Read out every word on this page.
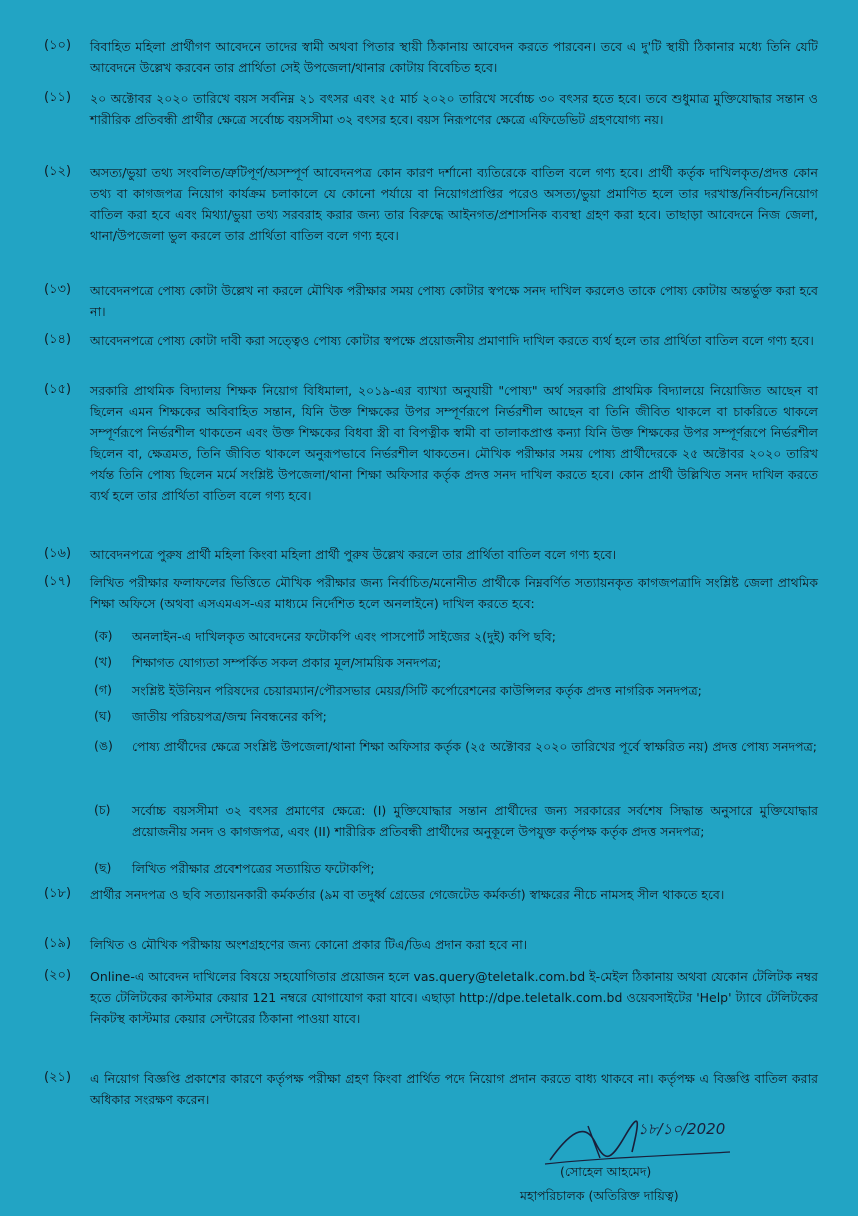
(১০) বিবাহিত মহিলা প্রার্থীগণ আবেদনে তাদের স্বামী অথবা পিতার স্থায়ী ঠিকানায় আবেদন করতে পারবেন। তবে এ দু'টি স্থায়ী ঠিকানার মধ্যে তিনি যেটি আবেদনে উল্লেখ করবেন তার প্রার্থিতা সেই উপজেলা/থানার কোটায় বিবেচিত হবে।
(১১) ২০ অক্টোবর ২০২০ তারিখে বয়স সর্বনিম্ন ২১ বৎসর এবং ২৫ মার্চ ২০২০ তারিখে সর্বোচ্চ ৩০ বৎসর হতে হবে। তবে শুধুমাত্র মুক্তিযোদ্ধার সন্তান ও শারীরিক প্রতিবন্ধী প্রার্থীর ক্ষেত্রে সর্বোচ্চ বয়সসীমা ৩২ বৎসর হবে। বয়স নিরূপণের ক্ষেত্রে এফিডেভিট গ্রহণযোগ্য নয়।
(১২) অসত্য/ভুয়া তথ্য সংবলিত/ত্রুটিপূর্ণ/অসম্পূর্ণ আবেদনপত্র কোন কারণ দর্শানো ব্যতিরেকে বাতিল বলে গণ্য হবে। প্রার্থী কর্তৃক দাখিলকৃত/প্রদত্ত কোন তথ্য বা কাগজপত্র নিয়োগ কার্যক্রম চলাকালে যে কোনো পর্যায়ে বা নিয়োগপ্রাপ্তির পরেও অসত্য/ভুয়া প্রমাণিত হলে তার দরখাস্ত/নির্বাচন/নিয়োগ বাতিল করা হবে এবং মিথ্যা/ভুয়া তথ্য সরবরাহ করার জন্য তার বিরুদ্ধে আইনগত/প্রশাসনিক ব্যবস্থা গ্রহণ করা হবে। তাছাড়া আবেদনে নিজ জেলা, থানা/উপজেলা ভুল করলে তার প্রার্থিতা বাতিল বলে গণ্য হবে।
(১৩) আবেদনপত্রে পোষ্য কোটা উল্লেখ না করলে মৌখিক পরীক্ষার সময় পোষ্য কোটার স্বপক্ষে সনদ দাখিল করলেও তাকে পোষ্য কোটায় অন্তর্ভুক্ত করা হবে না।
(১৪) আবেদনপত্রে পোষ্য কোটা দাবী করা সত্ত্বেও পোষ্য কোটার স্বপক্ষে প্রয়োজনীয় প্রমাণাদি দাখিল করতে ব্যর্থ হলে তার প্রার্থিতা বাতিল বলে গণ্য হবে।
(১৫) সরকারি প্রাথমিক বিদ্যালয় শিক্ষক নিয়োগ বিধিমালা, ২০১৯-এর ব্যাখ্যা অনুযায়ী "পোষ্য" অর্থ সরকারি প্রাথমিক বিদ্যালয়ে নিয়োজিত আছেন বা ছিলেন এমন শিক্ষকের অবিবাহিত সন্তান, যিনি উক্ত শিক্ষকের উপর সম্পূর্ণরূপে নির্ভরশীল আছেন বা তিনি জীবিত থাকলে বা চাকরিতে থাকলে সম্পূর্ণরূপে নির্ভরশীল থাকতেন এবং উক্ত শিক্ষকের বিধবা স্ত্রী বা বিপত্নীক স্বামী বা তালাকপ্রাপ্ত কন্যা যিনি উক্ত শিক্ষকের উপর সম্পূর্ণরূপে নির্ভরশীল ছিলেন বা, ক্ষেত্রমত, তিনি জীবিত থাকলে অনুরূপভাবে নির্ভরশীল থাকতেন। মৌখিক পরীক্ষার সময় পোষ্য প্রার্থীদেরকে ২৫ অক্টোবর ২০২০ তারিখ পর্যন্ত তিনি পোষ্য ছিলেন মর্মে সংশ্লিষ্ট উপজেলা/থানা শিক্ষা অফিসার কর্তৃক প্রদত্ত সনদ দাখিল করতে হবে। কোন প্রার্থী উল্লিখিত সনদ দাখিল করতে ব্যর্থ হলে তার প্রার্থিতা বাতিল বলে গণ্য হবে।
(১৬) আবেদনপত্রে পুরুষ প্রার্থী মহিলা কিংবা মহিলা প্রার্থী পুরুষ উল্লেখ করলে তার প্রার্থিতা বাতিল বলে গণ্য হবে।
(১৭) লিখিত পরীক্ষার ফলাফলের ভিত্তিতে মৌখিক পরীক্ষার জন্য নির্বাচিত/মনোনীত প্রার্থীকে নিম্নবর্ণিত সত্যায়নকৃত কাগজপত্রাদি সংশ্লিষ্ট জেলা প্রাথমিক শিক্ষা অফিসে (অথবা এসএমএস-এর মাধ্যমে নির্দেশিত হলে অনলাইনে) দাখিল করতে হবে:
(ক) অনলাইন-এ দাখিলকৃত আবেদনের ফটোকপি এবং পাসপোর্ট সাইজের ২(দুই) কপি ছবি;
(খ) শিক্ষাগত যোগ্যতা সম্পর্কিত সকল প্রকার মূল/সাময়িক সনদপত্র;
(গ) সংশ্লিষ্ট ইউনিয়ন পরিষদের চেয়ারম্যান/পৌরসভার মেয়র/সিটি কর্পোরেশনের কাউন্সিলর কর্তৃক প্রদত্ত নাগরিক সনদপত্র;
(ঘ) জাতীয় পরিচয়পত্র/জন্ম নিবন্ধনের কপি;
(ঙ) পোষ্য প্রার্থীদের ক্ষেত্রে সংশ্লিষ্ট উপজেলা/থানা শিক্ষা অফিসার কর্তৃক (২৫ অক্টোবর ২০২০ তারিখের পূর্বে স্বাক্ষরিত নয়) প্রদত্ত পোষ্য সনদপত্র;
(চ) সর্বোচ্চ বয়সসীমা ৩২ বৎসর প্রমাণের ক্ষেত্রে: (I) মুক্তিযোদ্ধার সন্তান প্রার্থীদের জন্য সরকারের সর্বশেষ সিদ্ধান্ত অনুসারে মুক্তিযোদ্ধার প্রয়োজনীয় সনদ ও কাগজপত্র, এবং (II) শারীরিক প্রতিবন্ধী প্রার্থীদের অনুকূলে উপযুক্ত কর্তৃপক্ষ কর্তৃক প্রদত্ত সনদপত্র;
(ছ) লিখিত পরীক্ষার প্রবেশপত্রের সত্যায়িত ফটোকপি;
(১৮) প্রার্থীর সনদপত্র ও ছবি সত্যায়নকারী কর্মকর্তার (৯ম বা তদুর্ধ্ব গ্রেডের গেজেটেড কর্মকর্তা) স্বাক্ষরের নীচে নামসহ সীল থাকতে হবে।
(১৯) লিখিত ও মৌখিক পরীক্ষায় অংশগ্রহণের জন্য কোনো প্রকার টিএ/ডিএ প্রদান করা হবে না।
(২০) Online-এ আবেদন দাখিলের বিষয়ে সহযোগিতার প্রয়োজন হলে vas.query@teletalk.com.bd ই-মেইল ঠিকানায় অথবা যেকোন টেলিটক নম্বর হতে টেলিটকের কাস্টমার কেয়ার 121 নম্বরে যোগাযোগ করা যাবে। এছাড়া http://dpe.teletalk.com.bd ওয়েবসাইটের 'Help' ট্যাবে টেলিটকের নিকটস্থ কাস্টমার কেয়ার সেন্টারের ঠিকানা পাওয়া যাবে।
(২১) এ নিয়োগ বিজ্ঞপ্তি প্রকাশের কারণে কর্তৃপক্ষ পরীক্ষা গ্রহণ কিংবা প্রার্থিত পদে নিয়োগ প্রদান করতে বাধ্য থাকবে না। কর্তৃপক্ষ এ বিজ্ঞপ্তি বাতিল করার অধিকার সংরক্ষণ করেন।
১৮/১০/2020
(সোহেল আহমেদ)
মহাপরিচালক (অতিরিক্ত দায়িত্ব)
